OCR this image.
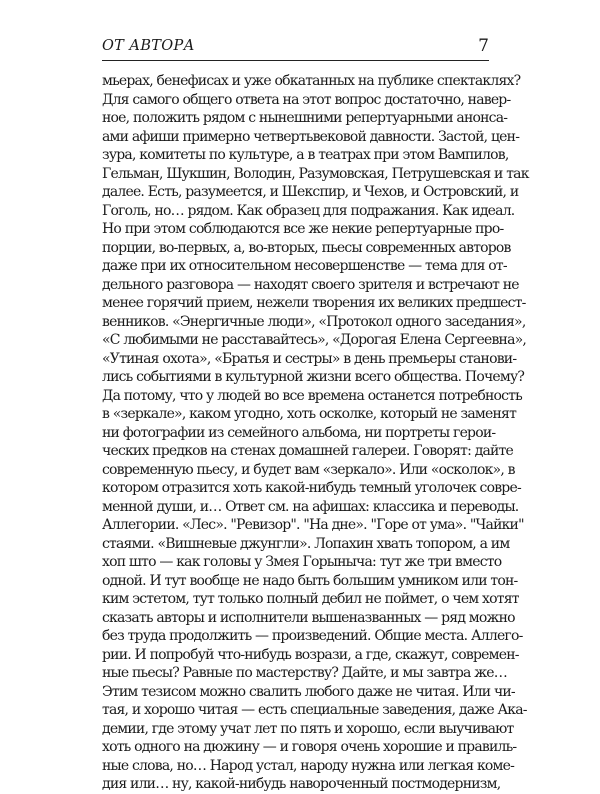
ОТ АВТОРА	7
мьерах, бенефисах и уже обкатанных на публике спектаклях?
Для самого общего ответа на этот вопрос достаточно, навер-
ное, положить рядом с нынешними репертуарными анонса-
ами афиши примерно четвертьвековой давности. Застой, цен-
зура, комитеты по культуре, а в театрах при этом Вампилов,
Гельман, Шукшин, Володин, Разумовская, Петрушевская и так
далее. Есть, разумеется, и Шекспир, и Чехов, и Островский, и
Гоголь, но… рядом. Как образец для подражания. Как идеал.
Но при этом соблюдаются все же некие репертуарные про-
порции, во-первых, а, во-вторых, пьесы современных авторов
даже при их относительном несовершенстве — тема для от-
дельного разговора — находят своего зрителя и встречают не
менее горячий прием, нежели творения их великих предшест-
венников. «Энергичные люди», «Протокол одного заседания»,
«С любимыми не расставайтесь», «Дорогая Елена Сергеевна»,
«Утиная охота», «Братья и сестры» в день премьеры станови-
лись событиями в культурной жизни всего общества. Почему?
Да потому, что у людей во все времена останется потребность
в «зеркале», каком угодно, хоть осколке, который не заменят
ни фотографии из семейного альбома, ни портреты герои-
ческих предков на стенах домашней галереи. Говорят: дайте
современную пьесу, и будет вам «зеркало». Или «осколок», в
котором отразится хоть какой-нибудь темный уголочек совре-
менной души, и… Ответ см. на афишах: классика и переводы.
Аллегории. «Лес». "Ревизор". "На дне». "Горе от ума». "Чайки"
стаями. «Вишневые джунгли». Лопахин хвать топором, а им
хоп што — как головы у Змея Горыныча: тут же три вместо
одной. И тут вообще не надо быть большим умником или тон-
ким эстетом, тут только полный дебил не поймет, о чем хотят
сказать авторы и исполнители вышеназванных — ряд можно
без труда продолжить — произведений. Общие места. Аллего-
рии. И попробуй что-нибудь возрази, а где, скажут, современ-
ные пьесы? Равные по мастерству? Дайте, и мы завтра же…
Этим тезисом можно свалить любого даже не читая. Или чи-
тая, и хорошо читая — есть специальные заведения, даже Ака-
демии, где этому учат лет по пять и хорошо, если выучивают
хоть одного на дюжину — и говоря очень хорошие и правиль-
ные слова, но… Народ устал, народу нужна или легкая коме-
дия или… ну, какой-нибудь навороченный постмодернизм,
